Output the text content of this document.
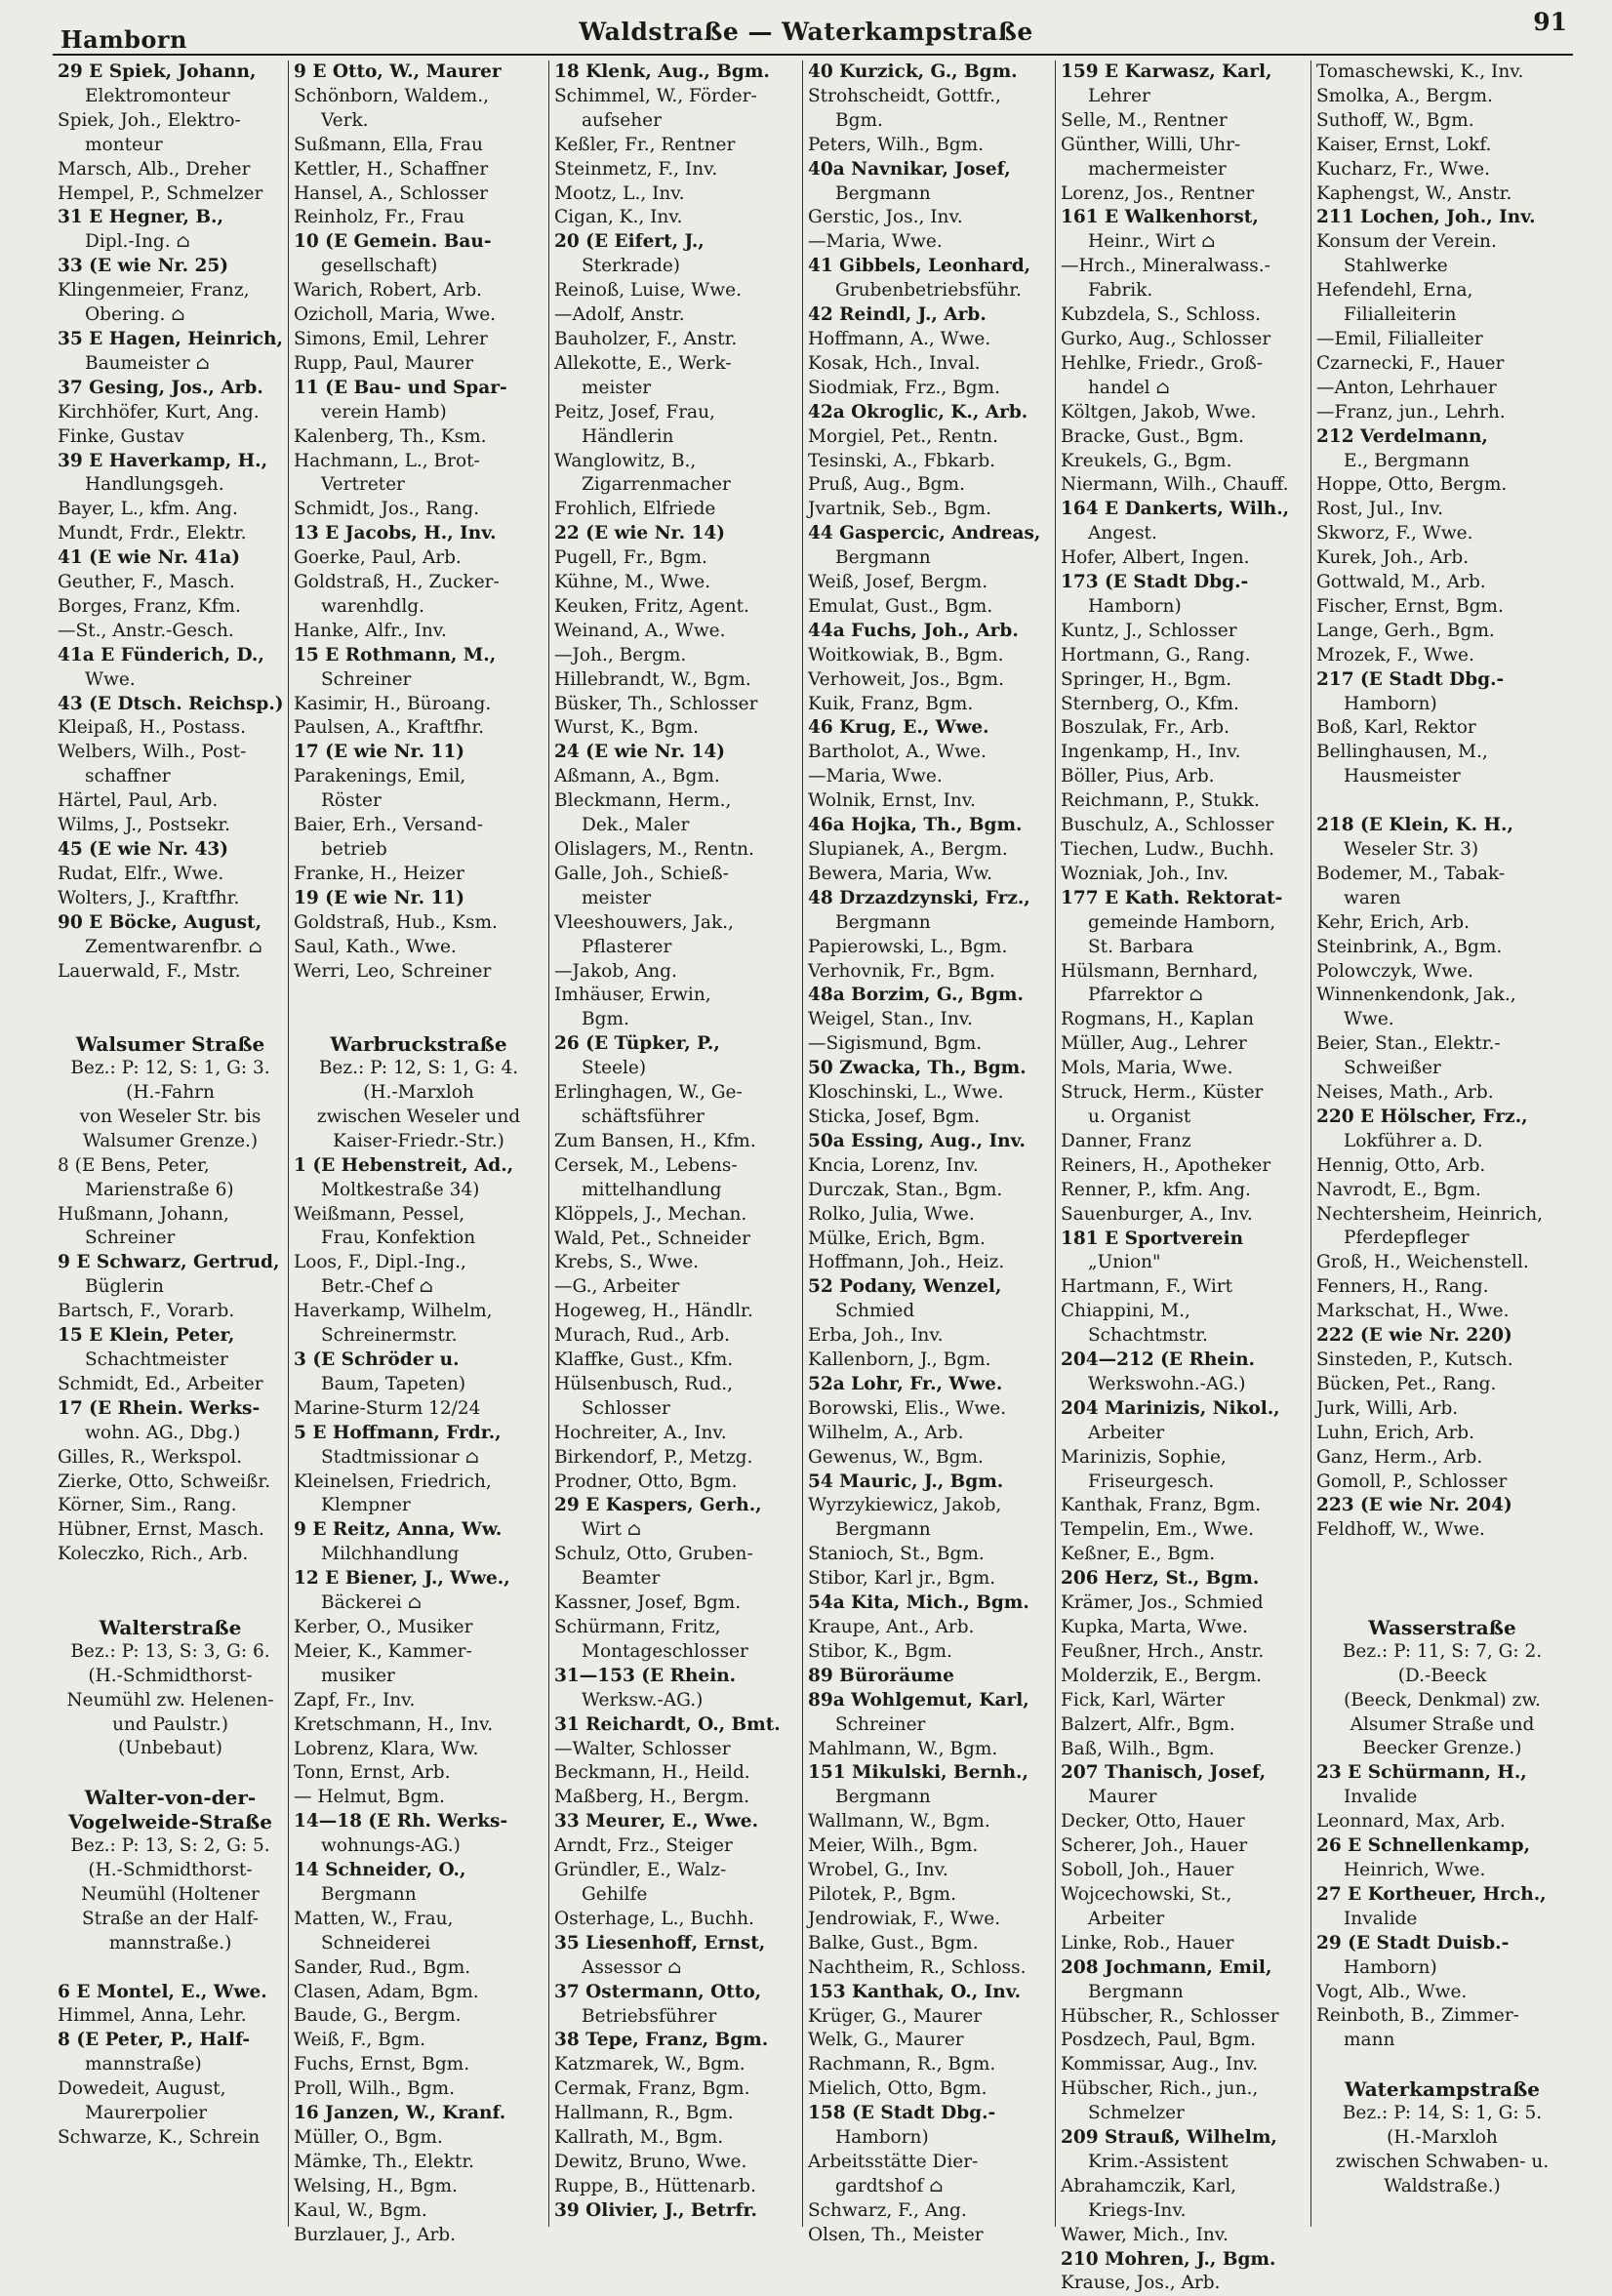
Hamborn	Waldstraße — Waterkampstraße	91
29 E Spiek, Johann,
Elektromonteur
Spiek, Joh., Elektro-
monteur
Marsch, Alb., Dreher
Hempel, P., Schmelzer
31 E Hegner, B.,
Dipl.-Ing. ⌂
33 (E wie Nr. 25)
Klingenmeier, Franz,
Obering. ⌂
35 E Hagen, Heinrich,
Baumeister ⌂
37 Gesing, Jos., Arb.
Kirchhöfer, Kurt, Ang.
Finke, Gustav
39 E Haverkamp, H.,
Handlungsgeh.
Bayer, L., kfm. Ang.
Mundt, Frdr., Elektr.
41 (E wie Nr. 41a)
Geuther, F., Masch.
Borges, Franz, Kfm.
—St., Anstr.-Gesch.
41a E Fünderich, D.,
Wwe.
43 (E Dtsch. Reichsp.)
Kleipaß, H., Postass.
Welbers, Wilh., Post-
schaffner
Härtel, Paul, Arb.
Wilms, J., Postsekr.
45 (E wie Nr. 43)
Rudat, Elfr., Wwe.
Wolters, J., Kraftfhr.
90 E Böcke, August,
Zementwarenfbr. ⌂
Lauerwald, F., Mstr.
Walsumer Straße
Bez.: P: 12, S: 1, G: 3.
(H.-Fahrn
von Weseler Str. bis
Walsumer Grenze.)
8 (E Bens, Peter,
Marienstraße 6)
Hußmann, Johann,
Schreiner
9 E Schwarz, Gertrud,
Büglerin
Bartsch, F., Vorarb.
15 E Klein, Peter,
Schachtmeister
Schmidt, Ed., Arbeiter
17 (E Rhein. Werks-
wohn. AG., Dbg.)
Gilles, R., Werkspol.
Zierke, Otto, Schweißr.
Körner, Sim., Rang.
Hübner, Ernst, Masch.
Koleczko, Rich., Arb.
Walterstraße
Bez.: P: 13, S: 3, G: 6.
(H.-Schmidthorst-
Neumühl zw. Helenen-
und Paulstr.)
(Unbebaut)
Walter-von-der-
Vogelweide-Straße
Bez.: P: 13, S: 2, G: 5.
(H.-Schmidthorst-
Neumühl (Holtener
Straße an der Half-
mannstraße.)
6 E Montel, E., Wwe.
Himmel, Anna, Lehr.
8 (E Peter, P., Half-
mannstraße)
Dowedeit, August,
Maurerpolier
Schwarze, K., Schrein
9 E Otto, W., Maurer
Schönborn, Waldem.,
Verk.
Sußmann, Ella, Frau
Kettler, H., Schaffner
Hansel, A., Schlosser
Reinholz, Fr., Frau
10 (E Gemein. Bau-
gesellschaft)
Warich, Robert, Arb.
Ozicholl, Maria, Wwe.
Simons, Emil, Lehrer
Rupp, Paul, Maurer
11 (E Bau- und Spar-
verein Hamb)
Kalenberg, Th., Ksm.
Hachmann, L., Brot-
Vertreter
Schmidt, Jos., Rang.
13 E Jacobs, H., Inv.
Goerke, Paul, Arb.
Goldstraß, H., Zucker-
warenhdlg.
Hanke, Alfr., Inv.
15 E Rothmann, M.,
Schreiner
Kasimir, H., Büroang.
Paulsen, A., Kraftfhr.
17 (E wie Nr. 11)
Parakenings, Emil,
Röster
Baier, Erh., Versand-
betrieb
Franke, H., Heizer
19 (E wie Nr. 11)
Goldstraß, Hub., Ksm.
Saul, Kath., Wwe.
Werri, Leo, Schreiner
Warbruckstraße
Bez.: P: 12, S: 1, G: 4.
(H.-Marxloh
zwischen Weseler und
Kaiser-Friedr.-Str.)
1 (E Hebenstreit, Ad.,
Moltkestraße 34)
Weißmann, Pessel,
Frau, Konfektion
Loos, F., Dipl.-Ing.,
Betr.-Chef ⌂
Haverkamp, Wilhelm,
Schreinermstr.
3 (E Schröder u.
Baum, Tapeten)
Marine-Sturm 12/24
5 E Hoffmann, Frdr.,
Stadtmissionar ⌂
Kleinelsen, Friedrich,
Klempner
9 E Reitz, Anna, Ww.
Milchhandlung
12 E Biener, J., Wwe.,
Bäckerei ⌂
Kerber, O., Musiker
Meier, K., Kammer-
musiker
Zapf, Fr., Inv.
Kretschmann, H., Inv.
Lobrenz, Klara, Ww.
Tonn, Ernst, Arb.
— Helmut, Bgm.
14—18 (E Rh. Werks-
wohnungs-AG.)
14 Schneider, O.,
Bergmann
Matten, W., Frau,
Schneiderei
Sander, Rud., Bgm.
Clasen, Adam, Bgm.
Baude, G., Bergm.
Weiß, F., Bgm.
Fuchs, Ernst, Bgm.
Proll, Wilh., Bgm.
16 Janzen, W., Kranf.
Müller, O., Bgm.
Mämke, Th., Elektr.
Welsing, H., Bgm.
Kaul, W., Bgm.
Burzlauer, J., Arb.
18 Klenk, Aug., Bgm.
Schimmel, W., Förder-
aufseher
Keßler, Fr., Rentner
Steinmetz, F., Inv.
Mootz, L., Inv.
Cigan, K., Inv.
20 (E Eifert, J.,
Sterkrade)
Reinoß, Luise, Wwe.
—Adolf, Anstr.
Bauholzer, F., Anstr.
Allekotte, E., Werk-
meister
Peitz, Josef, Frau,
Händlerin
Wanglowitz, B.,
Zigarrenmacher
Frohlich, Elfriede
22 (E wie Nr. 14)
Pugell, Fr., Bgm.
Kühne, M., Wwe.
Keuken, Fritz, Agent.
Weinand, A., Wwe.
—Joh., Bergm.
Hillebrandt, W., Bgm.
Büsker, Th., Schlosser
Wurst, K., Bgm.
24 (E wie Nr. 14)
Aßmann, A., Bgm.
Bleckmann, Herm.,
Dek., Maler
Olislagers, M., Rentn.
Galle, Joh., Schieß-
meister
Vleeshouwers, Jak.,
Pflasterer
—Jakob, Ang.
Imhäuser, Erwin,
Bgm.
26 (E Tüpker, P.,
Steele)
Erlinghagen, W., Ge-
schäftsführer
Zum Bansen, H., Kfm.
Cersek, M., Lebens-
mittelhandlung
Klöppels, J., Mechan.
Wald, Pet., Schneider
Krebs, S., Wwe.
—G., Arbeiter
Hogeweg, H., Händlr.
Murach, Rud., Arb.
Klaffke, Gust., Kfm.
Hülsenbusch, Rud.,
Schlosser
Hochreiter, A., Inv.
Birkendorf, P., Metzg.
Prodner, Otto, Bgm.
29 E Kaspers, Gerh.,
Wirt ⌂
Schulz, Otto, Gruben-
Beamter
Kassner, Josef, Bgm.
Schürmann, Fritz,
Montageschlosser
31—153 (E Rhein.
Werksw.-AG.)
31 Reichardt, O., Bmt.
—Walter, Schlosser
Beckmann, H., Heild.
Maßberg, H., Bergm.
33 Meurer, E., Wwe.
Arndt, Frz., Steiger
Gründler, E., Walz-
Gehilfe
Osterhage, L., Buchh.
35 Liesenhoff, Ernst,
Assessor ⌂
37 Ostermann, Otto,
Betriebsführer
38 Tepe, Franz, Bgm.
Katzmarek, W., Bgm.
Cermak, Franz, Bgm.
Hallmann, R., Bgm.
Kallrath, M., Bgm.
Dewitz, Bruno, Wwe.
Ruppe, B., Hüttenarb.
39 Olivier, J., Betrfr.
40 Kurzick, G., Bgm.
Strohscheidt, Gottfr.,
Bgm.
Peters, Wilh., Bgm.
40a Navnikar, Josef,
Bergmann
Gerstic, Jos., Inv.
—Maria, Wwe.
41 Gibbels, Leonhard,
Grubenbetriebsführ.
42 Reindl, J., Arb.
Hoffmann, A., Wwe.
Kosak, Hch., Inval.
Siodmiak, Frz., Bgm.
42a Okroglic, K., Arb.
Morgiel, Pet., Rentn.
Tesinski, A., Fbkarb.
Pruß, Aug., Bgm.
Jvartnik, Seb., Bgm.
44 Gaspercic, Andreas,
Bergmann
Weiß, Josef, Bergm.
Emulat, Gust., Bgm.
44a Fuchs, Joh., Arb.
Woitkowiak, B., Bgm.
Verhoweit, Jos., Bgm.
Kuik, Franz, Bgm.
46 Krug, E., Wwe.
Bartholot, A., Wwe.
—Maria, Wwe.
Wolnik, Ernst, Inv.
46a Hojka, Th., Bgm.
Slupianek, A., Bergm.
Bewera, Maria, Ww.
48 Drzazdzynski, Frz.,
Bergmann
Papierowski, L., Bgm.
Verhovnik, Fr., Bgm.
48a Borzim, G., Bgm.
Weigel, Stan., Inv.
—Sigismund, Bgm.
50 Zwacka, Th., Bgm.
Kloschinski, L., Wwe.
Sticka, Josef, Bgm.
50a Essing, Aug., Inv.
Kncia, Lorenz, Inv.
Durczak, Stan., Bgm.
Rolko, Julia, Wwe.
Mülke, Erich, Bgm.
Hoffmann, Joh., Heiz.
52 Podany, Wenzel,
Schmied
Erba, Joh., Inv.
Kallenborn, J., Bgm.
52a Lohr, Fr., Wwe.
Borowski, Elis., Wwe.
Wilhelm, A., Arb.
Gewenus, W., Bgm.
54 Mauric, J., Bgm.
Wyrzykiewicz, Jakob,
Bergmann
Stanioch, St., Bgm.
Stibor, Karl jr., Bgm.
54a Kita, Mich., Bgm.
Kraupe, Ant., Arb.
Stibor, K., Bgm.
89 Büroräume
89a Wohlgemut, Karl,
Schreiner
Mahlmann, W., Bgm.
151 Mikulski, Bernh.,
Bergmann
Wallmann, W., Bgm.
Meier, Wilh., Bgm.
Wrobel, G., Inv.
Pilotek, P., Bgm.
Jendrowiak, F., Wwe.
Balke, Gust., Bgm.
Nachtheim, R., Schloss.
153 Kanthak, O., Inv.
Krüger, G., Maurer
Welk, G., Maurer
Rachmann, R., Bgm.
Mielich, Otto, Bgm.
158 (E Stadt Dbg.-
Hamborn)
Arbeitsstätte Dier-
gardtshof ⌂
Schwarz, F., Ang.
Olsen, Th., Meister
159 E Karwasz, Karl,
Lehrer
Selle, M., Rentner
Günther, Willi, Uhr-
machermeister
Lorenz, Jos., Rentner
161 E Walkenhorst,
Heinr., Wirt ⌂
—Hrch., Mineralwass.-
Fabrik.
Kubzdela, S., Schloss.
Gurko, Aug., Schlosser
Hehlke, Friedr., Groß-
handel ⌂
Költgen, Jakob, Wwe.
Bracke, Gust., Bgm.
Kreukels, G., Bgm.
Niermann, Wilh., Chauff.
164 E Dankerts, Wilh.,
Angest.
Hofer, Albert, Ingen.
173 (E Stadt Dbg.-
Hamborn)
Kuntz, J., Schlosser
Hortmann, G., Rang.
Springer, H., Bgm.
Sternberg, O., Kfm.
Boszulak, Fr., Arb.
Ingenkamp, H., Inv.
Böller, Pius, Arb.
Reichmann, P., Stukk.
Buschulz, A., Schlosser
Tiechen, Ludw., Buchh.
Wozniak, Joh., Inv.
177 E Kath. Rektorat-
gemeinde Hamborn,
St. Barbara
Hülsmann, Bernhard,
Pfarrektor ⌂
Rogmans, H., Kaplan
Müller, Aug., Lehrer
Mols, Maria, Wwe.
Struck, Herm., Küster
u. Organist
Danner, Franz
Reiners, H., Apotheker
Renner, P., kfm. Ang.
Sauenburger, A., Inv.
181 E Sportverein
„Union"
Hartmann, F., Wirt
Chiappini, M.,
Schachtmstr.
204—212 (E Rhein.
Werkswohn.-AG.)
204 Marinizis, Nikol.,
Arbeiter
Marinizis, Sophie,
Friseurgesch.
Kanthak, Franz, Bgm.
Tempelin, Em., Wwe.
Keßner, E., Bgm.
206 Herz, St., Bgm.
Krämer, Jos., Schmied
Kupka, Marta, Wwe.
Feußner, Hrch., Anstr.
Molderzik, E., Bergm.
Fick, Karl, Wärter
Balzert, Alfr., Bgm.
Baß, Wilh., Bgm.
207 Thanisch, Josef,
Maurer
Decker, Otto, Hauer
Scherer, Joh., Hauer
Soboll, Joh., Hauer
Wojcechowski, St.,
Arbeiter
Linke, Rob., Hauer
208 Jochmann, Emil,
Bergmann
Hübscher, R., Schlosser
Posdzech, Paul, Bgm.
Kommissar, Aug., Inv.
Hübscher, Rich., jun.,
Schmelzer
209 Strauß, Wilhelm,
Krim.-Assistent
Abrahamczik, Karl,
Kriegs-Inv.
Wawer, Mich., Inv.
210 Mohren, J., Bgm.
Krause, Jos., Arb.
Tomaschewski, K., Inv.
Smolka, A., Bergm.
Suthoff, W., Bgm.
Kaiser, Ernst, Lokf.
Kucharz, Fr., Wwe.
Kaphengst, W., Anstr.
211 Lochen, Joh., Inv.
Konsum der Verein.
Stahlwerke
Hefendehl, Erna,
Filialleiterin
—Emil, Filialleiter
Czarnecki, F., Hauer
—Anton, Lehrhauer
—Franz, jun., Lehrh.
212 Verdelmann,
E., Bergmann
Hoppe, Otto, Bergm.
Rost, Jul., Inv.
Skworz, F., Wwe.
Kurek, Joh., Arb.
Gottwald, M., Arb.
Fischer, Ernst, Bgm.
Lange, Gerh., Bgm.
Mrozek, F., Wwe.
217 (E Stadt Dbg.-
Hamborn)
Boß, Karl, Rektor
Bellinghausen, M.,
Hausmeister
218 (E Klein, K. H.,
Weseler Str. 3)
Bodemer, M., Tabak-
waren
Kehr, Erich, Arb.
Steinbrink, A., Bgm.
Polowczyk, Wwe.
Winnenkendonk, Jak.,
Wwe.
Beier, Stan., Elektr.-
Schweißer
Neises, Math., Arb.
220 E Hölscher, Frz.,
Lokführer a. D.
Hennig, Otto, Arb.
Navrodt, E., Bgm.
Nechtersheim, Heinrich,
Pferdepfleger
Groß, H., Weichenstell.
Fenners, H., Rang.
Markschat, H., Wwe.
222 (E wie Nr. 220)
Sinsteden, P., Kutsch.
Bücken, Pet., Rang.
Jurk, Willi, Arb.
Luhn, Erich, Arb.
Ganz, Herm., Arb.
Gomoll, P., Schlosser
223 (E wie Nr. 204)
Feldhoff, W., Wwe.
Wasserstraße
Bez.: P: 11, S: 7, G: 2.
(D.-Beeck
(Beeck, Denkmal) zw.
Alsumer Straße und
Beecker Grenze.)
23 E Schürmann, H.,
Invalide
Leonnard, Max, Arb.
26 E Schnellenkamp,
Heinrich, Wwe.
27 E Kortheuer, Hrch.,
Invalide
29 (E Stadt Duisb.-
Hamborn)
Vogt, Alb., Wwe.
Reinboth, B., Zimmer-
mann
Waterkampstraße
Bez.: P: 14, S: 1, G: 5.
(H.-Marxloh
zwischen Schwaben- u.
Waldstraße.)
